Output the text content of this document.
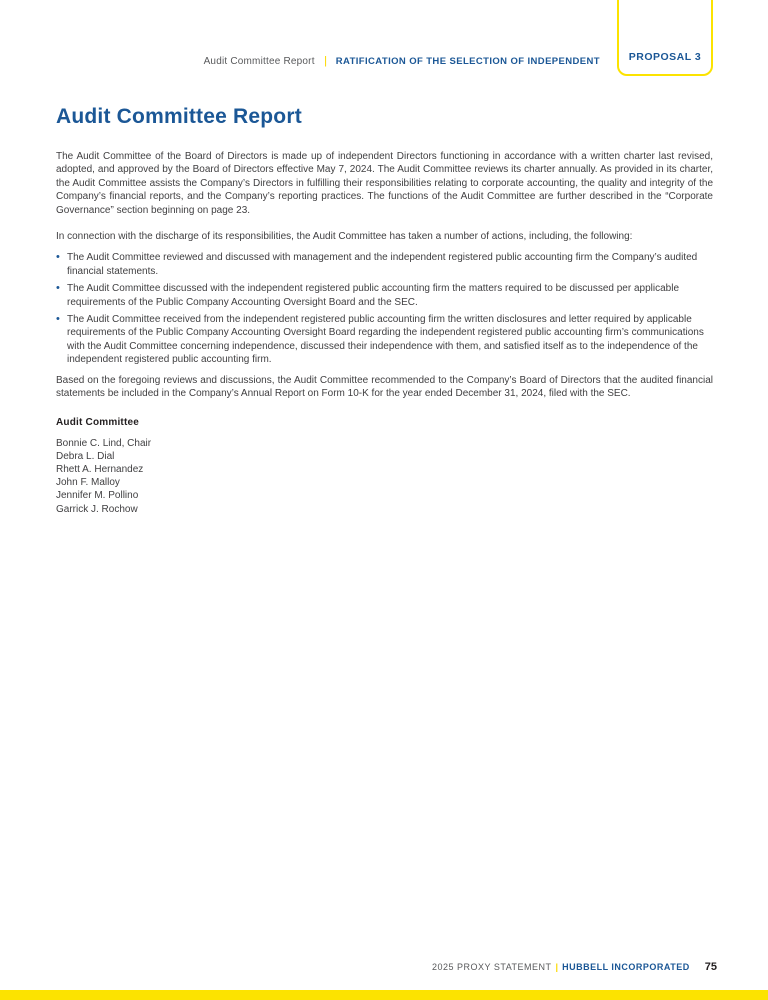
Audit Committee Report | RATIFICATION OF THE SELECTION OF INDEPENDENT	PROPOSAL 3
Audit Committee Report

The Audit Committee of the Board of Directors is made up of independent Directors functioning in accordance with a written charter last revised, adopted, and approved by the Board of Directors effective May 7, 2024. The Audit Committee reviews its charter annually. As provided in its charter, the Audit Committee assists the Company’s Directors in fulfilling their responsibilities relating to corporate accounting, the quality and integrity of the Company’s financial reports, and the Company’s reporting practices. The functions of the Audit Committee are further described in the “Corporate Governance” section beginning on page 23.

In connection with the discharge of its responsibilities, the Audit Committee has taken a number of actions, including, the following:

• The Audit Committee reviewed and discussed with management and the independent registered public accounting firm the Company’s audited financial statements.
• The Audit Committee discussed with the independent registered public accounting firm the matters required to be discussed per applicable requirements of the Public Company Accounting Oversight Board and the SEC.
• The Audit Committee received from the independent registered public accounting firm the written disclosures and letter required by applicable requirements of the Public Company Accounting Oversight Board regarding the independent registered public accounting firm’s communications with the Audit Committee concerning independence, discussed their independence with them, and satisfied itself as to the independence of the independent registered public accounting firm.

Based on the foregoing reviews and discussions, the Audit Committee recommended to the Company’s Board of Directors that the audited financial statements be included in the Company’s Annual Report on Form 10-K for the year ended December 31, 2024, filed with the SEC.

Audit Committee
Bonnie C. Lind, Chair
Debra L. Dial
Rhett A. Hernandez
John F. Malloy
Jennifer M. Pollino
Garrick J. Rochow
2025 PROXY STATEMENT | HUBBELL INCORPORATED 75
